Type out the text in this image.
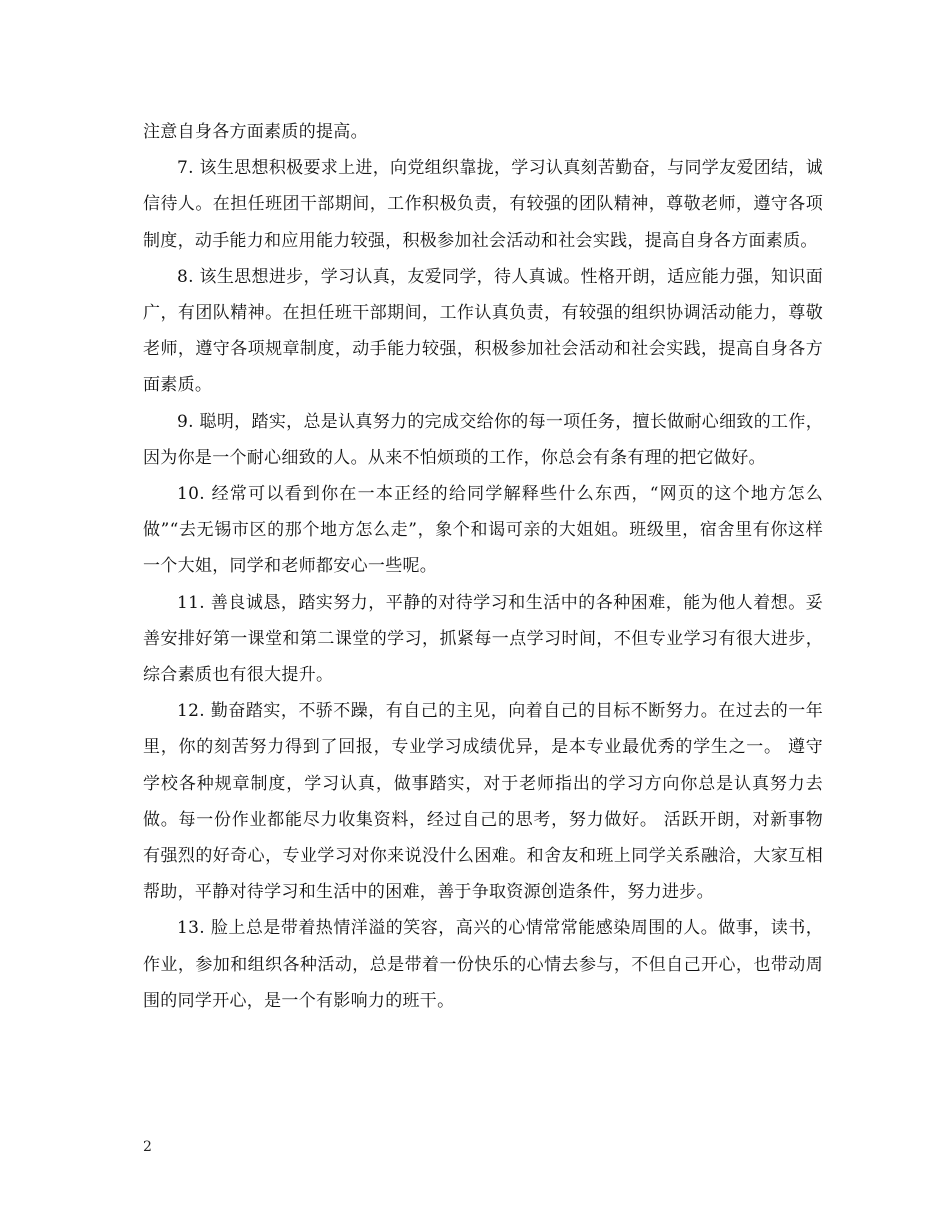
注意自身各方面素质的提高。

7. 该生思想积极要求上进，向党组织靠拢，学习认真刻苦勤奋，与同学友爱团结，诚信待人。在担任班团干部期间，工作积极负责，有较强的团队精神，尊敬老师，遵守各项制度，动手能力和应用能力较强，积极参加社会活动和社会实践，提高自身各方面素质。

8. 该生思想进步，学习认真，友爱同学，待人真诚。性格开朗，适应能力强，知识面广，有团队精神。在担任班干部期间，工作认真负责，有较强的组织协调活动能力，尊敬老师，遵守各项规章制度，动手能力较强，积极参加社会活动和社会实践，提高自身各方面素质。

9. 聪明，踏实，总是认真努力的完成交给你的每一项任务，擅长做耐心细致的工作，因为你是一个耐心细致的人。从来不怕烦琐的工作，你总会有条有理的把它做好。

10. 经常可以看到你在一本正经的给同学解释些什么东西，“网页的这个地方怎么做”“去无锡市区的那个地方怎么走”，象个和谒可亲的大姐姐。班级里，宿舍里有你这样一个大姐，同学和老师都安心一些呢。

11. 善良诚恳，踏实努力，平静的对待学习和生活中的各种困难，能为他人着想。妥善安排好第一课堂和第二课堂的学习，抓紧每一点学习时间，不但专业学习有很大进步，综合素质也有很大提升。

12. 勤奋踏实，不骄不躁，有自己的主见，向着自己的目标不断努力。在过去的一年里，你的刻苦努力得到了回报，专业学习成绩优异，是本专业最优秀的学生之一。 遵守学校各种规章制度，学习认真，做事踏实，对于老师指出的学习方向你总是认真努力去做。每一份作业都能尽力收集资料，经过自己的思考，努力做好。 活跃开朗，对新事物有强烈的好奇心，专业学习对你来说没什么困难。和舍友和班上同学关系融洽，大家互相帮助，平静对待学习和生活中的困难，善于争取资源创造条件，努力进步。

13. 脸上总是带着热情洋溢的笑容，高兴的心情常常能感染周围的人。做事，读书，作业，参加和组织各种活动，总是带着一份快乐的心情去参与，不但自己开心，也带动周围的同学开心，是一个有影响力的班干。

2
